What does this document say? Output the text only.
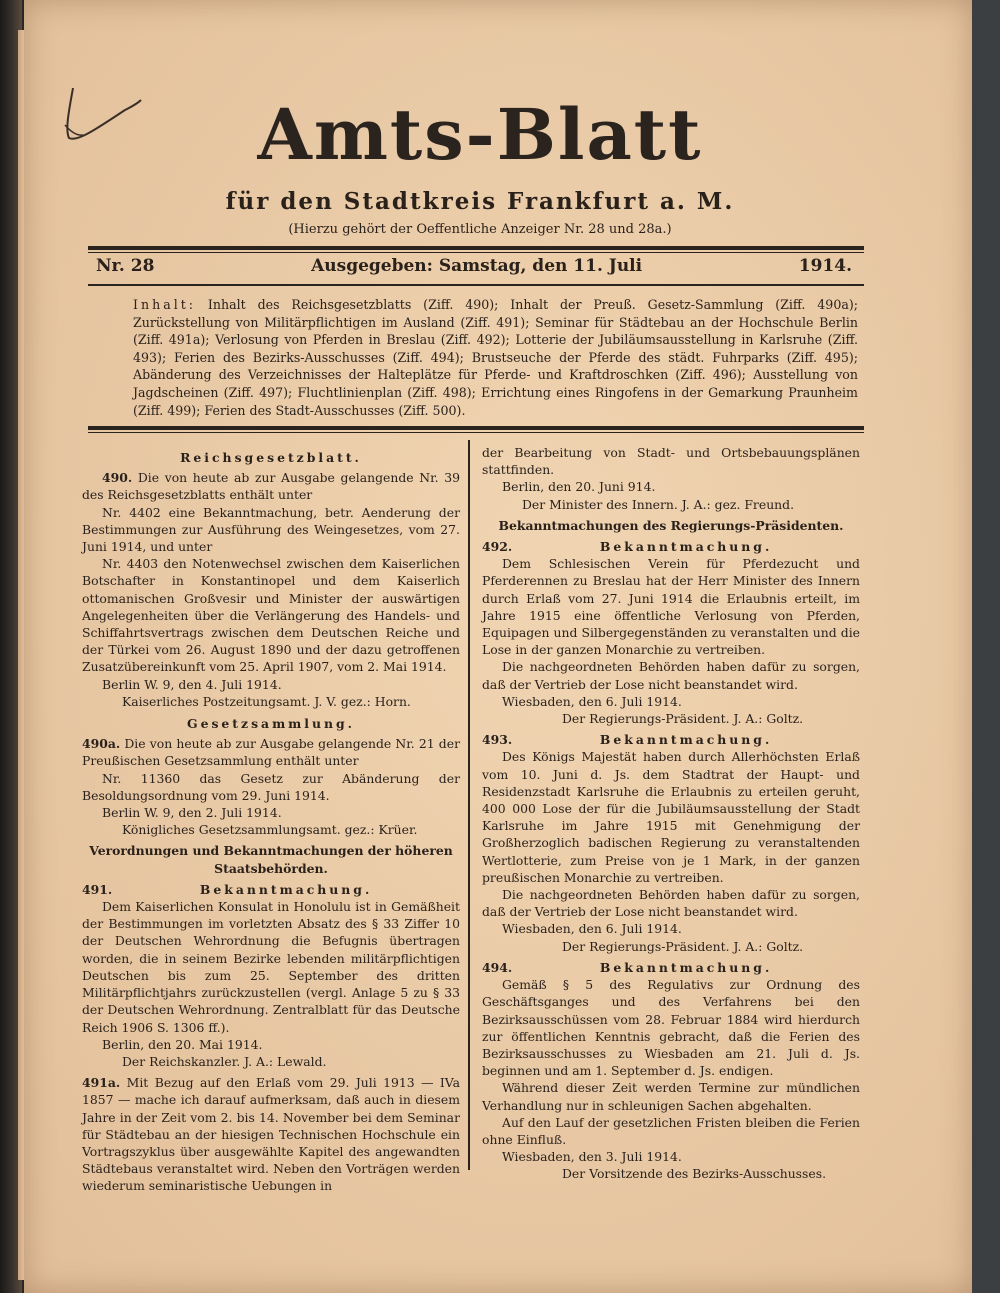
Amts-Blatt
für den Stadtkreis Frankfurt a. M.
(Hierzu gehört der Oeffentliche Anzeiger Nr. 28 und 28a.)
Nr. 28	Ausgegeben: Samstag, den 11. Juli	1914.
Inhalt: Inhalt des Reichsgesetzblatts (Ziff. 490); Inhalt der Preuß. Gesetz-Sammlung (Ziff. 490a); Zurückstellung von Militärpflichtigen im Ausland (Ziff. 491); Seminar für Städtebau an der Hochschule Berlin (Ziff. 491a); Verlosung von Pferden in Breslau (Ziff. 492); Lotterie der Jubiläumsausstellung in Karlsruhe (Ziff. 493); Ferien des Bezirks-Ausschusses (Ziff. 494); Brustseuche der Pferde des städt. Fuhrparks (Ziff. 495); Abänderung des Verzeichnisses der Halteplätze für Pferde- und Kraftdroschken (Ziff. 496); Ausstellung von Jagdscheinen (Ziff. 497); Fluchtlinienplan (Ziff. 498); Errichtung eines Ringofens in der Gemarkung Praunheim (Ziff. 499); Ferien des Stadt-Ausschusses (Ziff. 500).
Reichsgesetzblatt.

490. Die von heute ab zur Ausgabe gelangende Nr. 39 des Reichsgesetzblatts enthält unter

Nr. 4402 eine Bekanntmachung, betr. Aenderung der Bestimmungen zur Ausführung des Weingesetzes, vom 27. Juni 1914, und unter

Nr. 4403 den Notenwechsel zwischen dem Kaiserlichen Botschafter in Konstantinopel und dem Kaiserlich ottomanischen Großvesir und Minister der auswärtigen Angelegenheiten über die Verlängerung des Handels- und Schiffahrtsvertrags zwischen dem Deutschen Reiche und der Türkei vom 26. August 1890 und der dazu getroffenen Zusatzübereinkunft vom 25. April 1907, vom 2. Mai 1914.

Berlin W. 9, den 4. Juli 1914.

Kaiserliches Postzeitungsamt. J. V. gez.: Horn.

Gesetzsammlung.

490a. Die von heute ab zur Ausgabe gelangende Nr. 21 der Preußischen Gesetzsammlung enthält unter

Nr. 11360 das Gesetz zur Abänderung der Besoldungsordnung vom 29. Juni 1914.

Berlin W. 9, den 2. Juli 1914.

Königliches Gesetzsammlungsamt. gez.: Krüer.

Verordnungen und Bekanntmachungen der höheren Staatsbehörden.
491.	Bekanntmachung.

Dem Kaiserlichen Konsulat in Honolulu ist in Gemäßheit der Bestimmungen im vorletzten Absatz des § 33 Ziffer 10 der Deutschen Wehrordnung die Befugnis übertragen worden, die in seinem Bezirke lebenden militärpflichtigen Deutschen bis zum 25. September des dritten Militärpflichtjahrs zurückzustellen (vergl. Anlage 5 zu § 33 der Deutschen Wehrordnung. Zentralblatt für das Deutsche Reich 1906 S. 1306 ff.).

Berlin, den 20. Mai 1914.

Der Reichskanzler. J. A.: Lewald.

491a. Mit Bezug auf den Erlaß vom 29. Juli 1913 — IVa 1857 — mache ich darauf aufmerksam, daß auch in diesem Jahre in der Zeit vom 2. bis 14. November bei dem Seminar für Städtebau an der hiesigen Technischen Hochschule ein Vortragszyklus über ausgewählte Kapitel des angewandten Städtebaus veranstaltet wird. Neben den Vorträgen werden wiederum seminaristische Uebungen in

der Bearbeitung von Stadt- und Ortsbebauungsplänen stattfinden.

Berlin, den 20. Juni 914.

Der Minister des Innern. J. A.: gez. Freund.

Bekanntmachungen des Regierungs-Präsidenten.
492.	Bekanntmachung.

Dem Schlesischen Verein für Pferdezucht und Pferderennen zu Breslau hat der Herr Minister des Innern durch Erlaß vom 27. Juni 1914 die Erlaubnis erteilt, im Jahre 1915 eine öffentliche Verlosung von Pferden, Equipagen und Silbergegenständen zu veranstalten und die Lose in der ganzen Monarchie zu vertreiben.

Die nachgeordneten Behörden haben dafür zu sorgen, daß der Vertrieb der Lose nicht beanstandet wird.

Wiesbaden, den 6. Juli 1914.

Der Regierungs-Präsident. J. A.: Goltz.

493.	Bekanntmachung.

Des Königs Majestät haben durch Allerhöchsten Erlaß vom 10. Juni d. Js. dem Stadtrat der Haupt- und Residenzstadt Karlsruhe die Erlaubnis zu erteilen geruht, 400 000 Lose der für die Jubiläumsausstellung der Stadt Karlsruhe im Jahre 1915 mit Genehmigung der Großherzoglich badischen Regierung zu veranstaltenden Wertlotterie, zum Preise von je 1 Mark, in der ganzen preußischen Monarchie zu vertreiben.

Die nachgeordneten Behörden haben dafür zu sorgen, daß der Vertrieb der Lose nicht beanstandet wird.

Wiesbaden, den 6. Juli 1914.

Der Regierungs-Präsident. J. A.: Goltz.

494.	Bekanntmachung.

Gemäß § 5 des Regulativs zur Ordnung des Geschäftsganges und des Verfahrens bei den Bezirksausschüssen vom 28. Februar 1884 wird hierdurch zur öffentlichen Kenntnis gebracht, daß die Ferien des Bezirksausschusses zu Wiesbaden am 21. Juli d. Js. beginnen und am 1. September d. Js. endigen.

Während dieser Zeit werden Termine zur mündlichen Verhandlung nur in schleunigen Sachen abgehalten.

Auf den Lauf der gesetzlichen Fristen bleiben die Ferien ohne Einfluß.

Wiesbaden, den 3. Juli 1914.

Der Vorsitzende des Bezirks-Ausschusses.
